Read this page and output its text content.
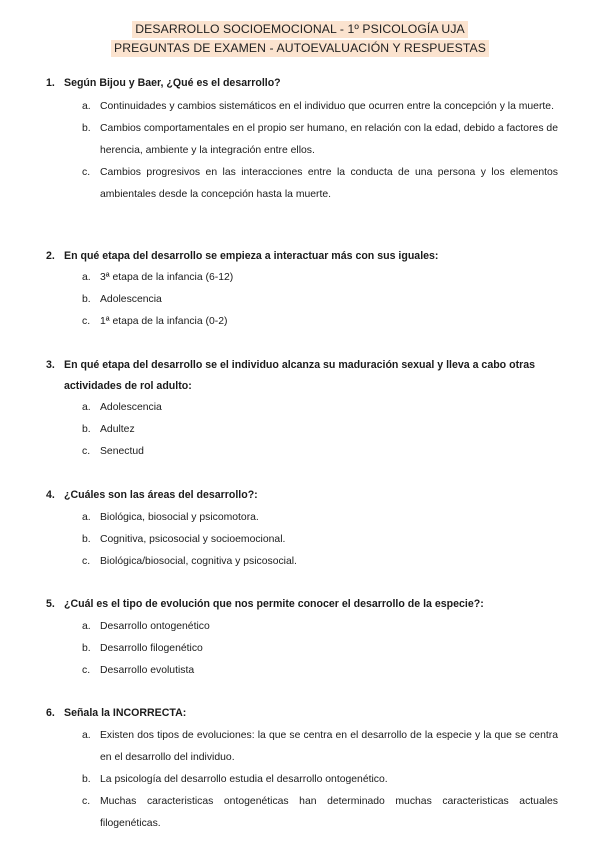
DESARROLLO SOCIOEMOCIONAL - 1º PSICOLOGÍA UJA
PREGUNTAS DE EXAMEN - AUTOEVALUACIÓN Y RESPUESTAS
1. Según Bijou y Baer, ¿Qué es el desarrollo?
a. Continuidades y cambios sistemáticos en el individuo que ocurren entre la concepción y la muerte.
b. Cambios comportamentales en el propio ser humano, en relación con la edad, debido a factores de herencia, ambiente y la integración entre ellos.
c. Cambios progresivos en las interacciones entre la conducta de una persona y los elementos ambientales desde la concepción hasta la muerte.
2. En qué etapa del desarrollo se empieza a interactuar más con sus iguales:
a. 3ª etapa de la infancia (6-12)
b. Adolescencia
c. 1ª etapa de la infancia (0-2)
3. En qué etapa del desarrollo se el individuo alcanza su maduración sexual y lleva a cabo otras actividades de rol adulto:
a. Adolescencia
b. Adultez
c. Senectud
4. ¿Cuáles son las áreas del desarrollo?:
a. Biológica, biosocial y psicomotora.
b. Cognitiva, psicosocial y socioemocional.
c. Biológica/biosocial, cognitiva y psicosocial.
5. ¿Cuál es el tipo de evolución que nos permite conocer el desarrollo de la especie?:
a. Desarrollo ontogenético
b. Desarrollo filogenético
c. Desarrollo evolutista
6. Señala la INCORRECTA:
a. Existen dos tipos de evoluciones: la que se centra en el desarrollo de la especie y la que se centra en el desarrollo del individuo.
b. La psicología del desarrollo estudia el desarrollo ontogenético.
c. Muchas caracteristicas ontogenéticas han determinado muchas caracteristicas actuales filogenéticas.
